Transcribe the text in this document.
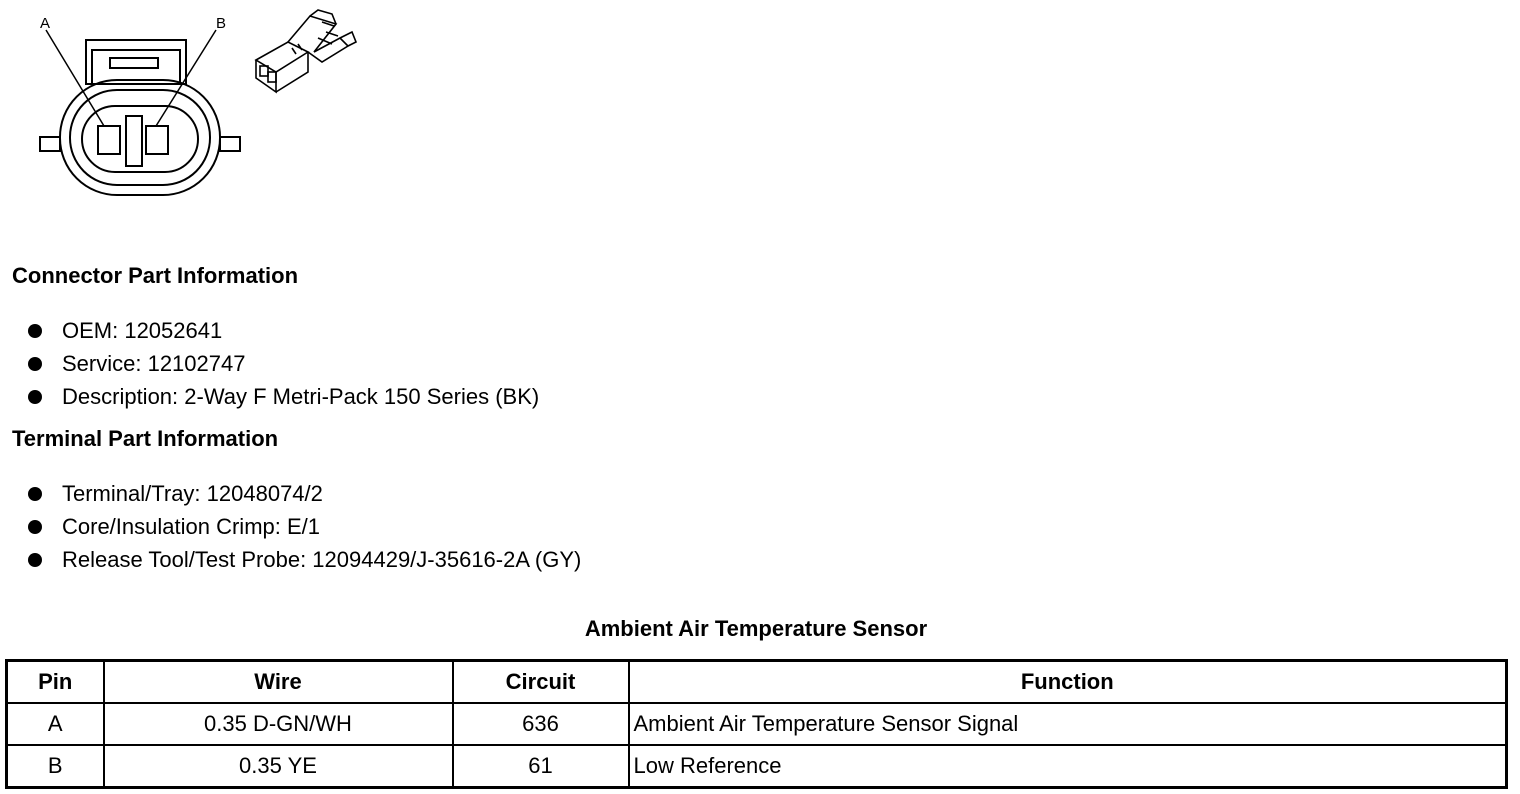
A	B
Connector Part Information
OEM: 12052641
Service: 12102747
Description: 2-Way F Metri-Pack 150 Series (BK)
Terminal Part Information
Terminal/Tray: 12048074/2
Core/Insulation Crimp: E/1
Release Tool/Test Probe: 12094429/J-35616-2A (GY)
Ambient Air Temperature Sensor
Pin	Wire	Circuit	Function
A	0.35 D-GN/WH	636	Ambient Air Temperature Sensor Signal
B	0.35 YE	61	Low Reference
